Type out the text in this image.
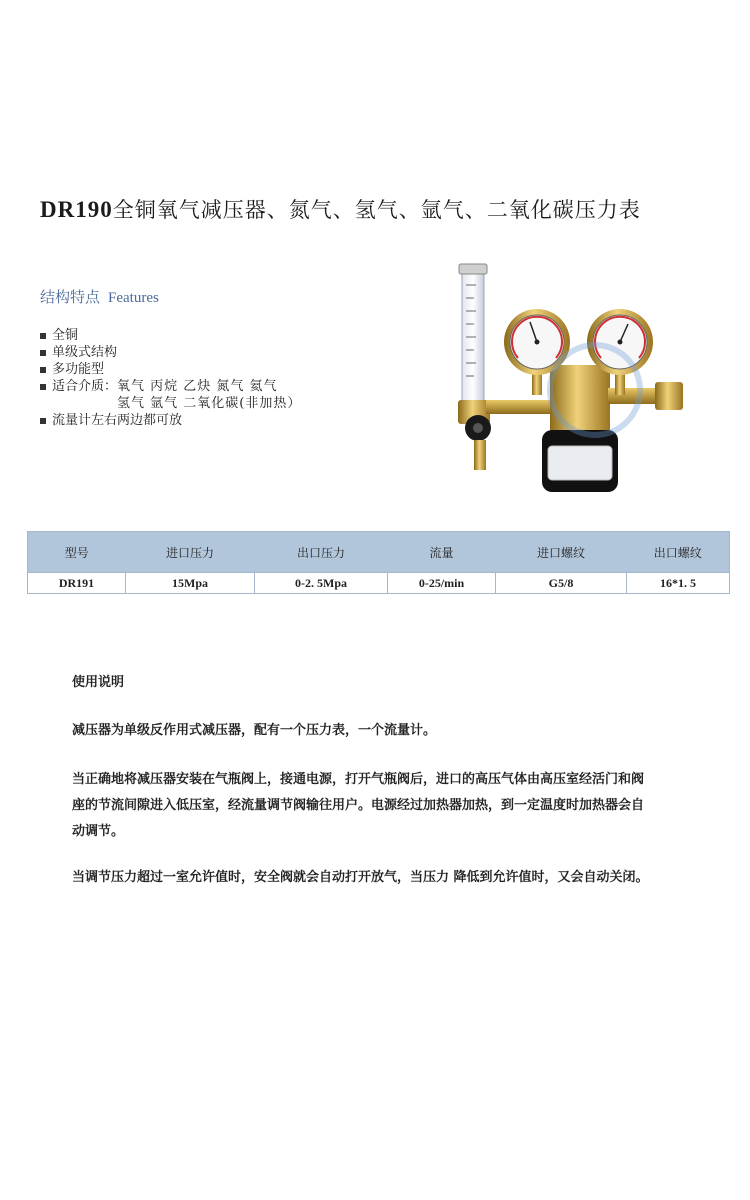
DR190全铜氧气减压器、氮气、氢气、氩气、二氧化碳压力表
结构特点 Features
全铜
单级式结构
多功能型
适合介质： 氧气 丙烷 乙炔 氮气 氦气
氢气 氩气 二氧化碳(非加热）
流量计左右两边都可放
型号	进口压力	出口压力	流量	进口螺纹	出口螺纹
DR191	15Mpa	0-2. 5Mpa	0-25/min	G5/8	16*1. 5

使用说明

减压器为单级反作用式减压器，配有一个压力表，一个流量计。

当正确地将减压器安装在气瓶阀上，接通电源，打开气瓶阀后，进口的高压气体由高压室经活门和阀座的节流间隙进入低压室，经流量调节阀输往用户。电源经过加热器加热，到一定温度时加热器会自动调节。

当调节压力超过一室允许值时，安全阀就会自动打开放气，当压力 降低到允许值时，又会自动关闭。
